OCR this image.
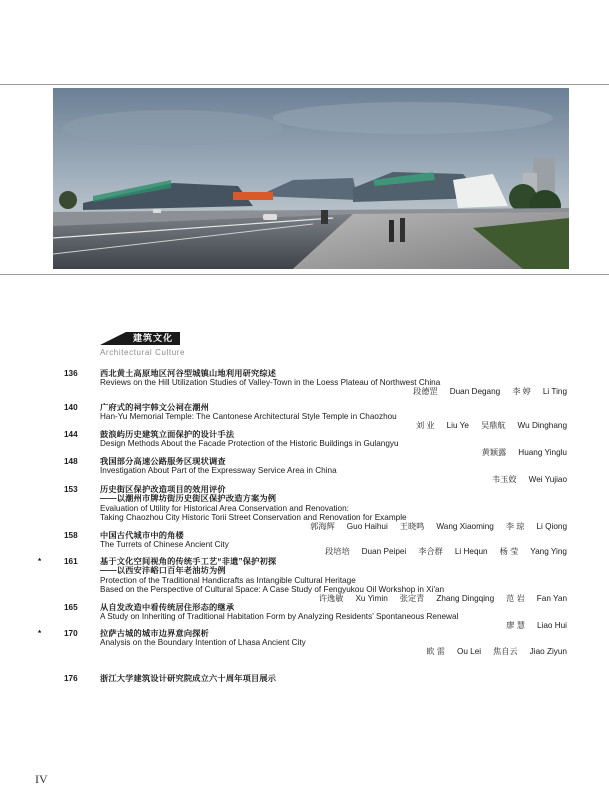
建筑文化
Architectural Culture
136	西北黄土高原地区河谷型城镇山地利用研究综述
Reviews on the Hill Utilization Studies of Valley-Town in the Loess Plateau of Northwest China
段德罡 Duan Degang 李 婷 Li Ting
140	广府式的祠宇韩文公祠在潮州
Han-Yu Memorial Temple: The Cantonese Architectural Style Temple in Chaozhou
刘 业 Liu Ye 吴鼎航 Wu Dinghang
144	鼓浪屿历史建筑立面保护的设计手法
Design Methods About the Facade Protection of the Historic Buildings in Gulangyu
黄颖露 Huang Yinglu
148	我国部分高速公路服务区现状调查
Investigation About Part of the Expressway Service Area in China
韦玉姣 Wei Yujiao
153	历史街区保护改造项目的效用评价
——以潮州市牌坊街历史街区保护改造方案为例
Evaluation of Utility for Historical Area Conservation and Renovation:
Taking Chaozhou City Historic Torii Street Conservation and Renovation for Example
郭海辉 Guo Haihui 王晓鸣 Wang Xiaoming 李 琼 Li Qiong
158	中国古代城市中的角楼
The Turrets of Chinese Ancient City
段培培 Duan Peipei 李合群 Li Hequn 杨 莹 Yang Ying
*	161	基于文化空间视角的传统手工艺“非遗”保护初探
——以西安沣峪口百年老油坊为例
Protection of the Traditional Handicrafts as Intangible Cultural Heritage
Based on the Perspective of Cultural Space: A Case Study of Fengyukou Oil Workshop in Xi'an
许逸敏 Xu Yimin 张定青 Zhang Dingqing 范 岩 Fan Yan
165	从自发改造中看传统居住形态的继承
A Study on Inheriting of Traditional Habitation Form by Analyzing Residents’ Spontaneous Renewal
廖 慧 Liao Hui
*	170	拉萨古城的城市边界意向探析
Analysis on the Boundary Intention of Lhasa Ancient City
欧 雷 Ou Lei 焦自云 Jiao Ziyun
176	浙江大学建筑设计研究院成立六十周年项目展示
IV
